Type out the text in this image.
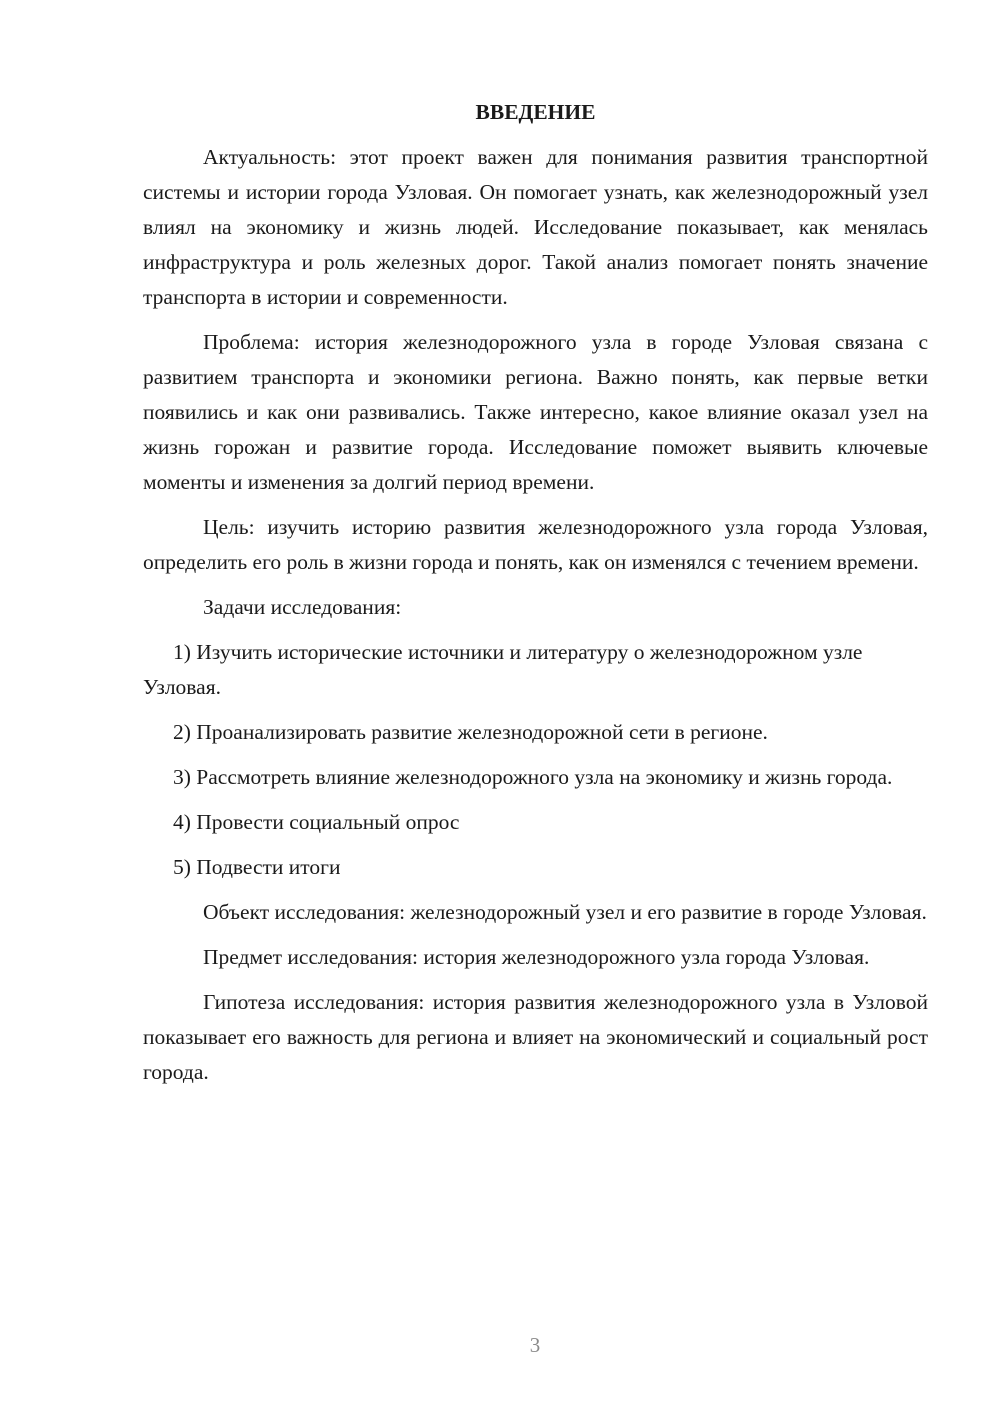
ВВЕДЕНИЕ

Актуальность: этот проект важен для понимания развития транспортной системы и истории города Узловая. Он помогает узнать, как железнодорожный узел влиял на экономику и жизнь людей. Исследование показывает, как менялась инфраструктура и роль железных дорог. Такой анализ помогает понять значение транспорта в истории и современности.

Проблема: история железнодорожного узла в городе Узловая связана с развитием транспорта и экономики региона. Важно понять, как первые ветки появились и как они развивались. Также интересно, какое влияние оказал узел на жизнь горожан и развитие города. Исследование поможет выявить ключевые моменты и изменения за долгий период времени.

Цель: изучить историю развития железнодорожного узла города Узловая, определить его роль в жизни города и понять, как он изменялся с течением времени.

Задачи исследования:

1) Изучить исторические источники и литературу о железнодорожном узле Узловая.

2) Проанализировать развитие железнодорожной сети в регионе.

3) Рассмотреть влияние железнодорожного узла на экономику и жизнь города.

4) Провести социальный опрос

5) Подвести итоги

Объект исследования: железнодорожный узел и его развитие в городе Узловая.

Предмет исследования: история железнодорожного узла города Узловая.

Гипотеза исследования: история развития железнодорожного узла в Узловой показывает его важность для региона и влияет на экономический и социальный рост города.

3
